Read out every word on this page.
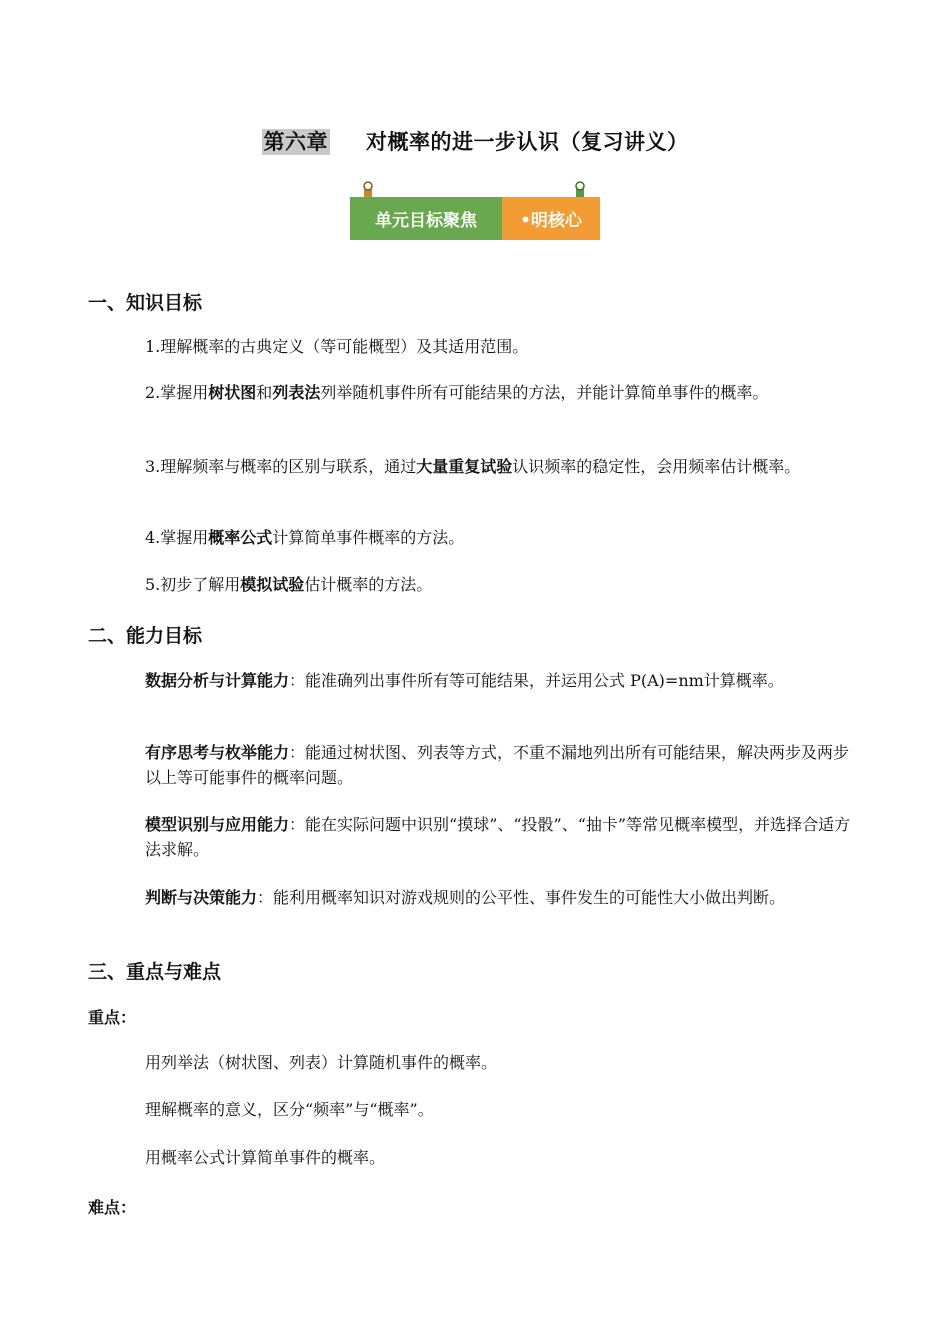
第六章 对概率的进一步认识（复习讲义）
单元目标聚焦	•明核心
一、知识目标
1.理解概率的古典定义（等可能概型）及其适用范围。
2.掌握用树状图和列表法列举随机事件所有可能结果的方法，并能计算简单事件的概率。
3.理解频率与概率的区别与联系，通过大量重复试验认识频率的稳定性，会用频率估计概率。
4.掌握用概率公式计算简单事件概率的方法。
5.初步了解用模拟试验估计概率的方法。
二、能力目标
数据分析与计算能力：能准确列出事件所有等可能结果，并运用公式 P(A)=nm计算概率。
有序思考与枚举能力：能通过树状图、列表等方式，不重不漏地列出所有可能结果，解决两步及两步以上等可能事件的概率问题。
模型识别与应用能力：能在实际问题中识别“摸球”、“投骰”、“抽卡”等常见概率模型，并选择合适方法求解。
判断与决策能力：能利用概率知识对游戏规则的公平性、事件发生的可能性大小做出判断。
三、重点与难点
重点：
用列举法（树状图、列表）计算随机事件的概率。
理解概率的意义，区分“频率”与“概率”。
用概率公式计算简单事件的概率。
难点：
